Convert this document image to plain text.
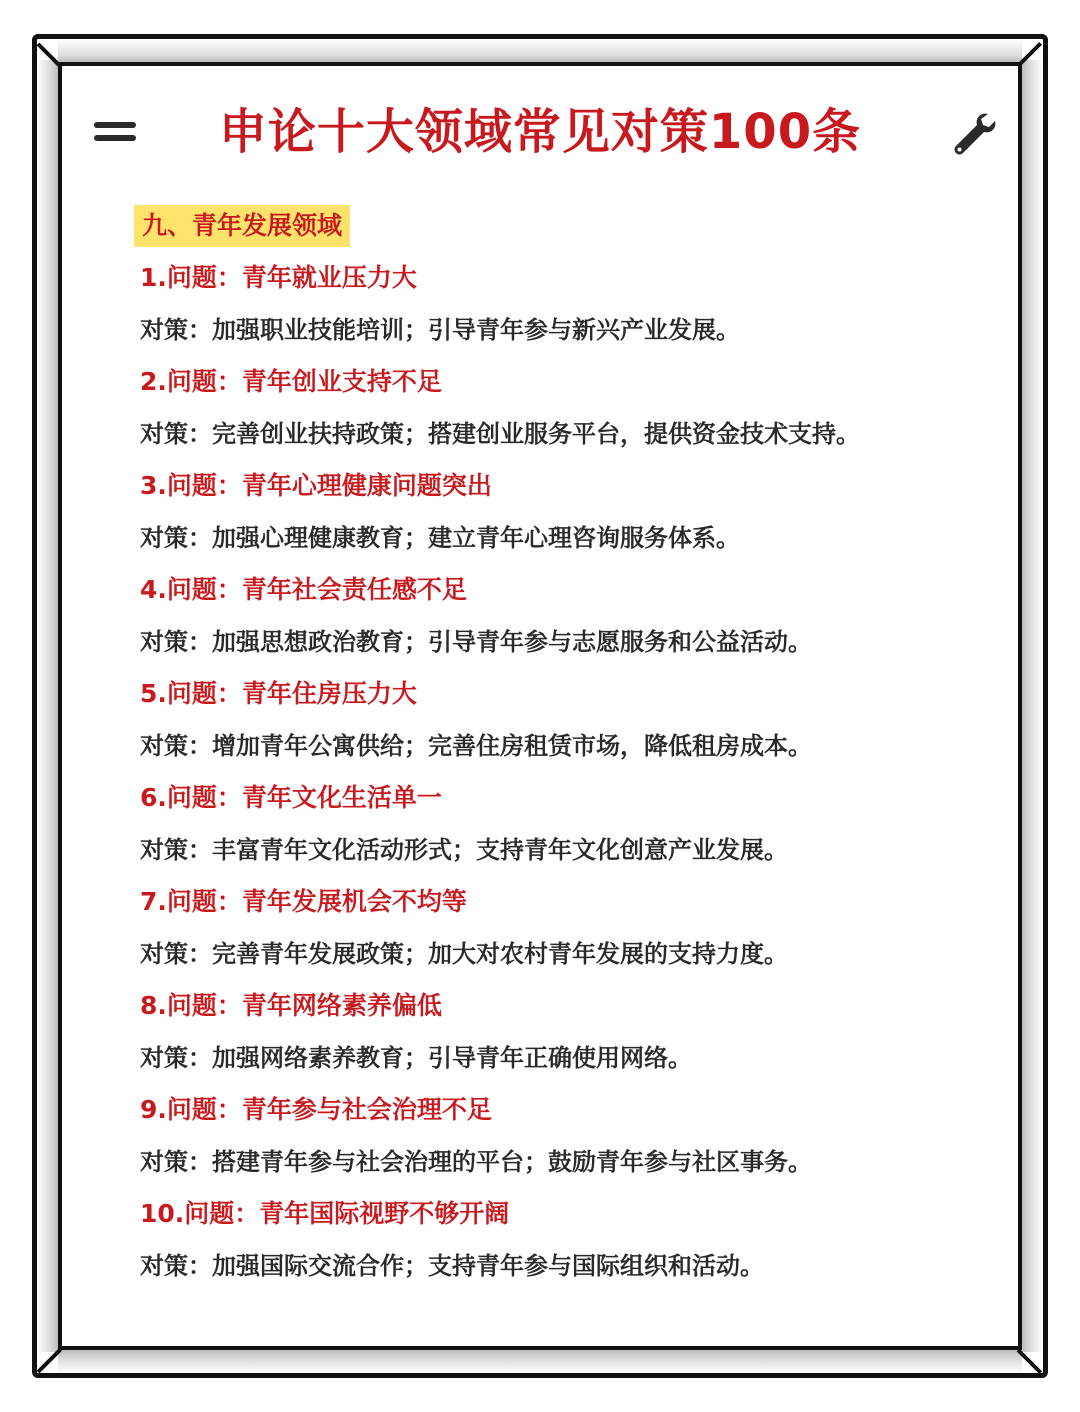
申论十大领域常见对策100条
九、青年发展领域
1.问题：青年就业压力大
对策：加强职业技能培训；引导青年参与新兴产业发展。
2.问题：青年创业支持不足
对策：完善创业扶持政策；搭建创业服务平台，提供资金技术支持。
3.问题：青年心理健康问题突出
对策：加强心理健康教育；建立青年心理咨询服务体系。
4.问题：青年社会责任感不足
对策：加强思想政治教育；引导青年参与志愿服务和公益活动。
5.问题：青年住房压力大
对策：增加青年公寓供给；完善住房租赁市场，降低租房成本。
6.问题：青年文化生活单一
对策：丰富青年文化活动形式；支持青年文化创意产业发展。
7.问题：青年发展机会不均等
对策：完善青年发展政策；加大对农村青年发展的支持力度。
8.问题：青年网络素养偏低
对策：加强网络素养教育；引导青年正确使用网络。
9.问题：青年参与社会治理不足
对策：搭建青年参与社会治理的平台；鼓励青年参与社区事务。
10.问题：青年国际视野不够开阔
对策：加强国际交流合作；支持青年参与国际组织和活动。
